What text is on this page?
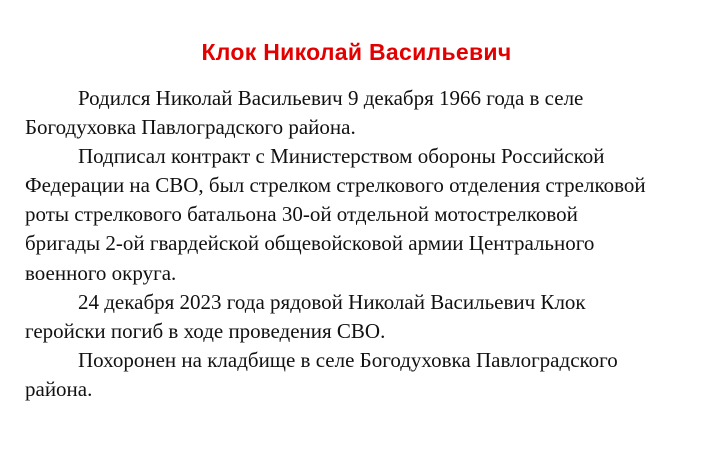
Клок Николай Васильевич
Родился Николай Васильевич 9 декабря 1966 года в селе
Богодуховка Павлоградского района.
Подписал контракт с Министерством обороны Российской
Федерации на СВО, был стрелком стрелкового отделения стрелковой
роты стрелкового батальона 30-ой отдельной мотострелковой
бригады 2-ой гвардейской общевойсковой армии Центрального
военного округа.
24 декабря 2023 года рядовой Николай Васильевич Клок
геройски погиб в ходе проведения СВО.
Похоронен на кладбище в селе Богодуховка Павлоградского
района.
